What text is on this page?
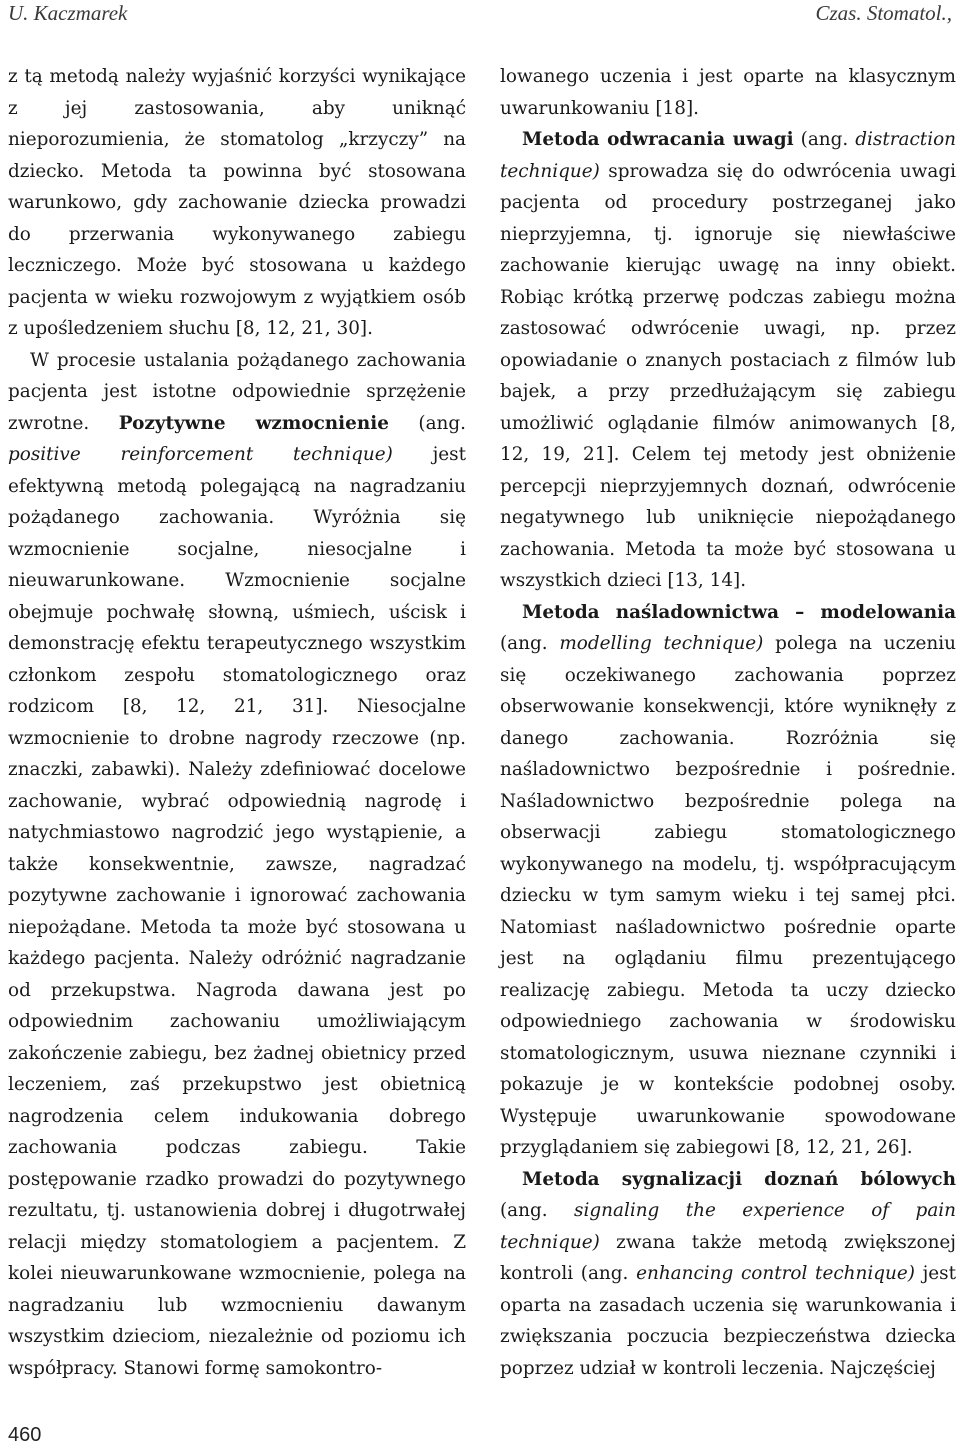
U. Kaczmarek	Czas. Stomatol.,

z tą metodą należy wyjaśnić korzyści wynikające z jej zastosowania, aby uniknąć nieporozumienia, że stomatolog „krzyczy” na dziecko. Metoda ta powinna być stosowana warunkowo, gdy zachowanie dziecka prowadzi do przerwania wykonywanego zabiegu leczniczego. Może być stosowana u każdego pacjenta w wieku rozwojowym z wyjątkiem osób z upośledzeniem słuchu [8, 12, 21, 30].

W procesie ustalania pożądanego zachowania pacjenta jest istotne odpowiednie sprzężenie zwrotne. Pozytywne wzmocnienie (ang. positive reinforcement technique) jest efektywną metodą polegającą na nagradzaniu pożądanego zachowania. Wyróżnia się wzmocnienie socjalne, niesocjalne i nieuwarunkowane. Wzmocnienie socjalne obejmuje pochwałę słowną, uśmiech, uścisk i demonstrację efektu terapeutycznego wszystkim członkom zespołu stomatologicznego oraz rodzicom [8, 12, 21, 31]. Niesocjalne wzmocnienie to drobne nagrody rzeczowe (np. znaczki, zabawki). Należy zdefiniować docelowe zachowanie, wybrać odpowiednią nagrodę i natychmiastowo nagrodzić jego wystąpienie, a także konsekwentnie, zawsze, nagradzać pozytywne zachowanie i ignorować zachowania niepożądane. Metoda ta może być stosowana u każdego pacjenta. Należy odróżnić nagradzanie od przekupstwa. Nagroda dawana jest po odpowiednim zachowaniu umożliwiającym zakończenie zabiegu, bez żadnej obietnicy przed leczeniem, zaś przekupstwo jest obietnicą nagrodzenia celem indukowania dobrego zachowania podczas zabiegu. Takie postępowanie rzadko prowadzi do pozytywnego rezultatu, tj. ustanowienia dobrej i długotrwałej relacji między stomatologiem a pacjentem. Z kolei nieuwarunkowane wzmocnienie, polega na nagradzaniu lub wzmocnieniu dawanym wszystkim dzieciom, niezależnie od poziomu ich współpracy. Stanowi formę samokontro-

lowanego uczenia i jest oparte na klasycznym uwarunkowaniu [18].

Metoda odwracania uwagi (ang. distraction technique) sprowadza się do odwrócenia uwagi pacjenta od procedury postrzeganej jako nieprzyjemna, tj. ignoruje się niewłaściwe zachowanie kierując uwagę na inny obiekt. Robiąc krótką przerwę podczas zabiegu można zastosować odwrócenie uwagi, np. przez opowiadanie o znanych postaciach z filmów lub bajek, a przy przedłużającym się zabiegu umożliwić oglądanie filmów animowanych [8, 12, 19, 21]. Celem tej metody jest obniżenie percepcji nieprzyjemnych doznań, odwrócenie negatywnego lub uniknięcie niepożądanego zachowania. Metoda ta może być stosowana u wszystkich dzieci [13, 14].

Metoda naśladownictwa – modelowania (ang. modelling technique) polega na uczeniu się oczekiwanego zachowania poprzez obserwowanie konsekwencji, które wyniknęły z danego zachowania. Rozróżnia się naśladownictwo bezpośrednie i pośrednie. Naśladownictwo bezpośrednie polega na obserwacji zabiegu stomatologicznego wykonywanego na modelu, tj. współpracującym dziecku w tym samym wieku i tej samej płci. Natomiast naśladownictwo pośrednie oparte jest na oglądaniu filmu prezentującego realizację zabiegu. Metoda ta uczy dziecko odpowiedniego zachowania w środowisku stomatologicznym, usuwa nieznane czynniki i pokazuje je w kontekście podobnej osoby. Występuje uwarunkowanie spowodowane przyglądaniem się zabiegowi [8, 12, 21, 26].

Metoda sygnalizacji doznań bólowych (ang. signaling the experience of pain technique) zwana także metodą zwiększonej kontroli (ang. enhancing control technique) jest oparta na zasadach uczenia się warunkowania i zwiększania poczucia bezpieczeństwa dziecka poprzez udział w kontroli leczenia. Najczęściej

460
